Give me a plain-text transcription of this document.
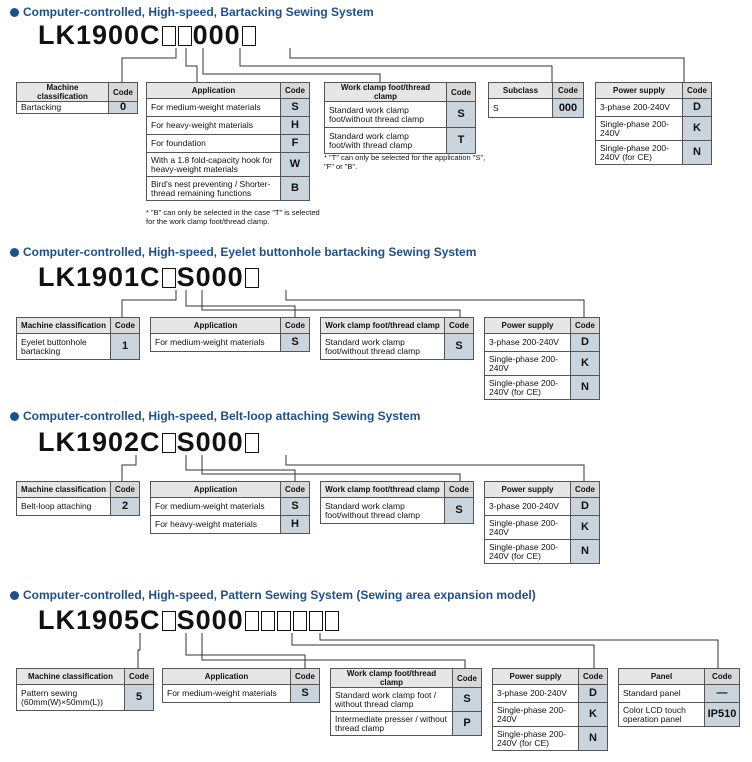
Computer-controlled, High-speed, Bartacking Sewing System
LK1900C 000
Machine classification	Code
Bartacking	0
Application	Code
For medium-weight materials	S
For heavy-weight materials	H
For foundation	F
With a 1.8 fold-capacity hook for heavy-weight materials	W
Bird's nest preventing / Shorter-thread remaining functions	B
* "B" can only be selected in the case "T" is selected for the work clamp foot/thread clamp.
Work clamp foot/thread clamp	Code
Standard work clamp foot/without thread clamp	S
Standard work clamp foot/with thread clamp	T
* "T" can only be selected for the application "S", "F" or "B".
Subclass	Code
S	000
Power supply	Code
3-phase 200-240V	D
Single-phase 200-240V	K
Single-phase 200-240V (for CE)	N
Computer-controlled, High-speed, Eyelet buttonhole bartacking Sewing System
LK1901C S000
Machine classification	Code
Eyelet buttonhole bartacking	1
Application	Code
For medium-weight materials	S
Work clamp foot/thread clamp	Code
Standard work clamp foot/without thread clamp	S
Power supply	Code
3-phase 200-240V	D
Single-phase 200-240V	K
Single-phase 200-240V (for CE)	N
Computer-controlled, High-speed, Belt-loop attaching Sewing System
LK1902C S000
Machine classification	Code
Belt-loop attaching	2
Application	Code
For medium-weight materials	S
For heavy-weight materials	H
Work clamp foot/thread clamp	Code
Standard work clamp foot/without thread clamp	S
Power supply	Code
3-phase 200-240V	D
Single-phase 200-240V	K
Single-phase 200-240V (for CE)	N
Computer-controlled, High-speed, Pattern Sewing System (Sewing area expansion model)
LK1905C S000
Machine classification	Code
Pattern sewing (60mm(W)×50mm(L))	5
Application	Code
For medium-weight materials	S
Work clamp foot/thread clamp	Code
Standard work clamp foot / without thread clamp	S
Intermediate presser / without thread clamp	P
Power supply	Code
3-phase 200-240V	D
Single-phase 200-240V	K
Single-phase 200-240V (for CE)	N
Panel	Code
Standard panel	—
Color LCD touch operation panel	IP510
